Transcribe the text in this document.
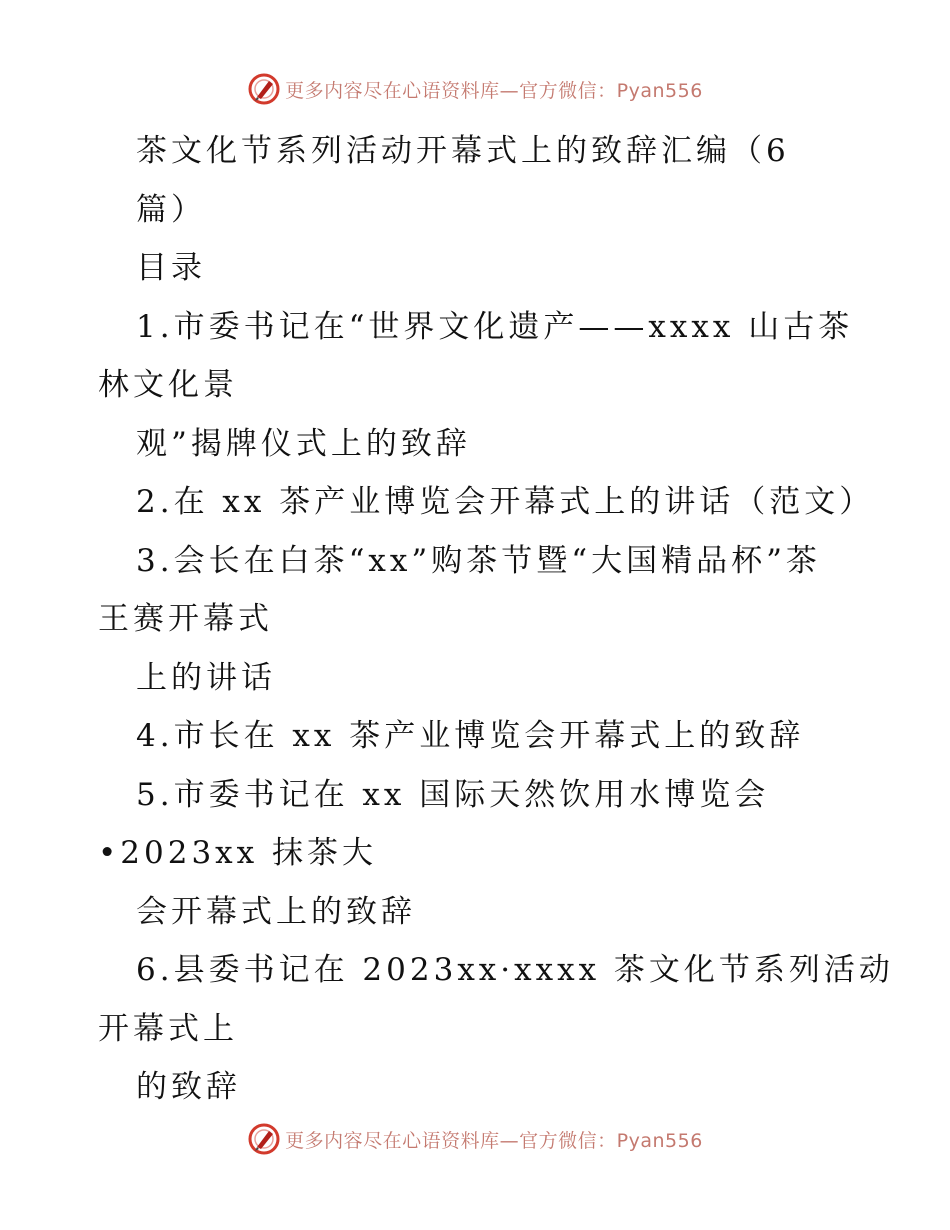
更多内容尽在心语资料库—官方微信：Pyan556

茶文化节系列活动开幕式上的致辞汇编（6

篇）

目录

1.市委书记在“世界文化遗产——xxxx 山古茶

林文化景

观”揭牌仪式上的致辞

2.在 xx 茶产业博览会开幕式上的讲话（范文）

3.会长在白茶“xx”购茶节暨“大国精品杯”茶

王赛开幕式

上的讲话

4.市长在 xx 茶产业博览会开幕式上的致辞

5.市委书记在 xx 国际天然饮用水博览会

•2023xx 抹茶大

会开幕式上的致辞

6.县委书记在 2023xx·xxxx 茶文化节系列活动

开幕式上

的致辞

更多内容尽在心语资料库—官方微信：Pyan556
